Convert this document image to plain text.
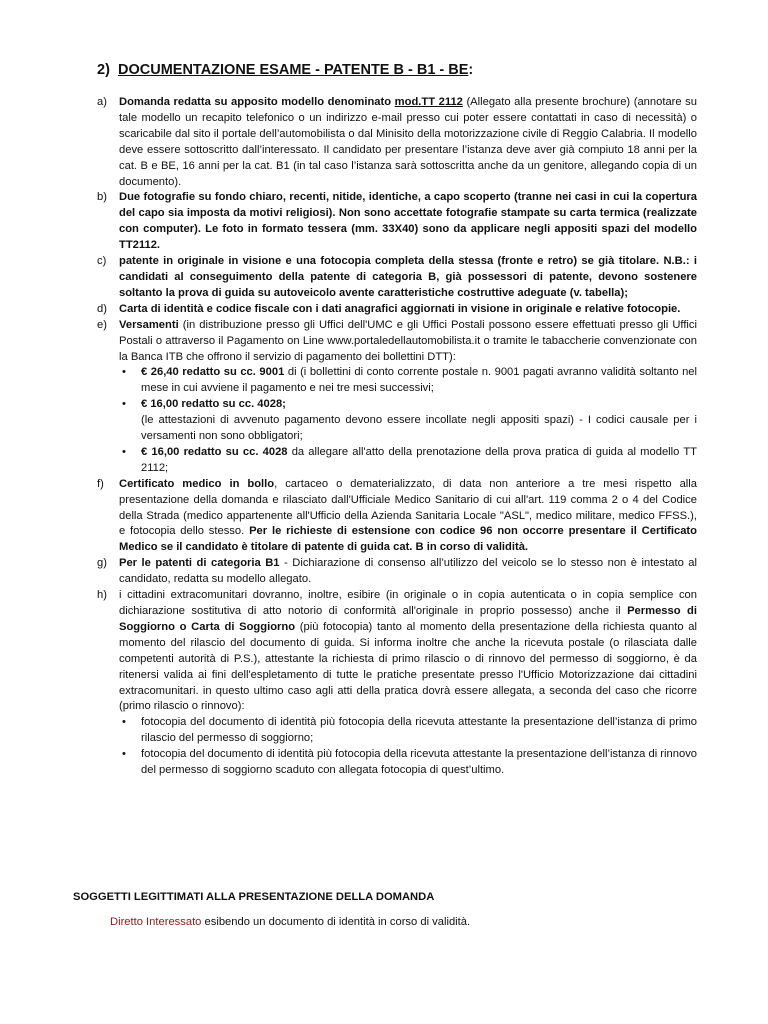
2) DOCUMENTAZIONE ESAME - PATENTE B - B1 - BE:
a)	Domanda redatta su apposito modello denominato mod.TT 2112 (Allegato alla presente brochure) (annotare su tale modello un recapito telefonico o un indirizzo e-mail presso cui poter essere contattati in caso di necessità) o scaricabile dal sito il portale dell’automobilista o dal Minisito della motorizzazione civile di Reggio Calabria. Il modello deve essere sottoscritto dall’interessato. Il candidato per presentare l’istanza deve aver già compiuto 18 anni per la cat. B e BE, 16 anni per la cat. B1 (in tal caso l’istanza sarà sottoscritta anche da un genitore, allegando copia di un documento).
b)	Due fotografie su fondo chiaro, recenti, nitide, identiche, a capo scoperto (tranne nei casi in cui la copertura del capo sia imposta da motivi religiosi). Non sono accettate fotografie stampate su carta termica (realizzate con computer). Le foto in formato tessera (mm. 33X40) sono da applicare negli appositi spazi del modello TT2112.
c)	patente in originale in visione e una fotocopia completa della stessa (fronte e retro) se già titolare. N.B.: i candidati al conseguimento della patente di categoria B, già possessori di patente, devono sostenere soltanto la prova di guida su autoveicolo avente caratteristiche costruttive adeguate (v. tabella);
d)	Carta di identità e codice fiscale con i dati anagrafici aggiornati in visione in originale e relative fotocopie.
e)	Versamenti (in distribuzione presso gli Uffici dell'UMC e gli Uffici Postali possono essere effettuati presso gli Uffici Postali o attraverso il Pagamento on Line www.portaledellautomobilista.it o tramite le tabaccherie convenzionate con la Banca ITB che offrono il servizio di pagamento dei bollettini DTT):
•	€ 26,40 redatto su cc. 9001 di (i bollettini di conto corrente postale n. 9001 pagati avranno validità soltanto nel mese in cui avviene il pagamento e nei tre mesi successivi;
•	€ 16,00 redatto su cc. 4028;
(le attestazioni di avvenuto pagamento devono essere incollate negli appositi spazi) - I codici causale per i versamenti non sono obbligatori;
•	€ 16,00 redatto su cc. 4028 da allegare all'atto della prenotazione della prova pratica di guida al modello TT 2112;
f)	Certificato medico in bollo, cartaceo o dematerializzato, di data non anteriore a tre mesi rispetto alla presentazione della domanda e rilasciato dall'Ufficiale Medico Sanitario di cui all'art. 119 comma 2 o 4 del Codice della Strada (medico appartenente all'Ufficio della Azienda Sanitaria Locale "ASL", medico militare, medico FFSS.), e fotocopia dello stesso. Per le richieste di estensione con codice 96 non occorre presentare il Certificato Medico se il candidato è titolare di patente di guida cat. B in corso di validità.
g)	Per le patenti di categoria B1 - Dichiarazione di consenso all’utilizzo del veicolo se lo stesso non è intestato al candidato, redatta su modello allegato.
h)	i cittadini extracomunitari dovranno, inoltre, esibire (in originale o in copia autenticata o in copia semplice con dichiarazione sostitutiva di atto notorio di conformità all'originale in proprio possesso) anche il Permesso di Soggiorno o Carta di Soggiorno (più fotocopia) tanto al momento della presentazione della richiesta quanto al momento del rilascio del documento di guida. Si informa inoltre che anche la ricevuta postale (o rilasciata dalle competenti autorità di P.S.), attestante la richiesta di primo rilascio o di rinnovo del permesso di soggiorno, è da ritenersi valida ai fini dell'espletamento di tutte le pratiche presentate presso l'Ufficio Motorizzazione dai cittadini extracomunitari. in questo ultimo caso agli atti della pratica dovrà essere allegata, a seconda del caso che ricorre (primo rilascio o rinnovo):
•	fotocopia del documento di identità più fotocopia della ricevuta attestante la presentazione dell’istanza di primo rilascio del permesso di soggiorno;
•	fotocopia del documento di identità più fotocopia della ricevuta attestante la presentazione dell’istanza di rinnovo del permesso di soggiorno scaduto con allegata fotocopia di quest’ultimo.
SOGGETTI LEGITTIMATI ALLA PRESENTAZIONE DELLA DOMANDA
Diretto Interessato esibendo un documento di identità in corso di validità.
